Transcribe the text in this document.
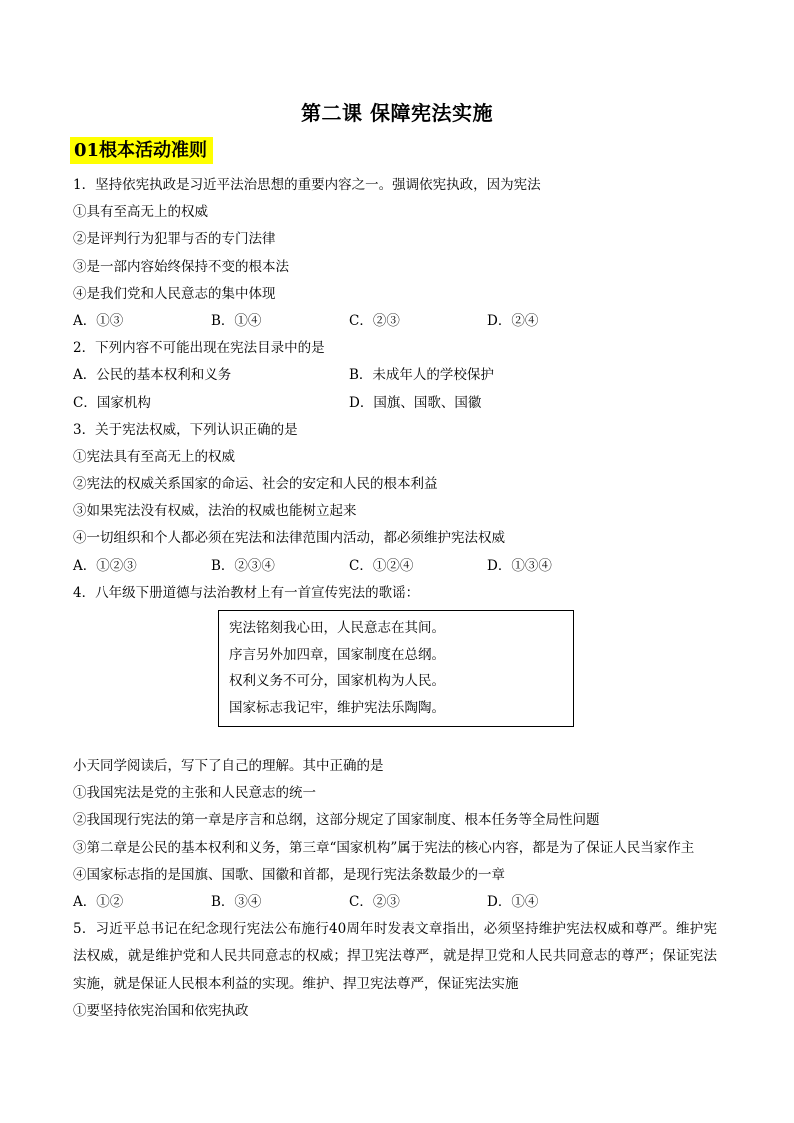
第二课 保障宪法实施
01根本活动准则
1．坚持依宪执政是习近平法治思想的重要内容之一。强调依宪执政，因为宪法
①具有至高无上的权威
②是评判行为犯罪与否的专门法律
③是一部内容始终保持不变的根本法
④是我们党和人民意志的集中体现
A．①③	B．①④	C．②③	D．②④
2．下列内容不可能出现在宪法目录中的是
A．公民的基本权利和义务	B．未成年人的学校保护
C．国家机构	D．国旗、国歌、国徽
3．关于宪法权威，下列认识正确的是
①宪法具有至高无上的权威
②宪法的权威关系国家的命运、社会的安定和人民的根本利益
③如果宪法没有权威，法治的权威也能树立起来
④一切组织和个人都必须在宪法和法律范围内活动，都必须维护宪法权威
A．①②③	B．②③④	C．①②④	D．①③④
4．八年级下册道德与法治教材上有一首宣传宪法的歌谣：
宪法铭刻我心田，人民意志在其间。
序言另外加四章，国家制度在总纲。
权利义务不可分，国家机构为人民。
国家标志我记牢，维护宪法乐陶陶。
小天同学阅读后，写下了自己的理解。其中正确的是
①我国宪法是党的主张和人民意志的统一
②我国现行宪法的第一章是序言和总纲，这部分规定了国家制度、根本任务等全局性问题
③第二章是公民的基本权利和义务，第三章“国家机构”属于宪法的核心内容，都是为了保证人民当家作主
④国家标志指的是国旗、国歌、国徽和首都，是现行宪法条数最少的一章
A．①②	B．③④	C．②③	D．①④
5．习近平总书记在纪念现行宪法公布施行40周年时发表文章指出，必须坚持维护宪法权威和尊严。维护宪法权威，就是维护党和人民共同意志的权威；捍卫宪法尊严，就是捍卫党和人民共同意志的尊严；保证宪法实施，就是保证人民根本利益的实现。维护、捍卫宪法尊严，保证宪法实施
①要坚持依宪治国和依宪执政
